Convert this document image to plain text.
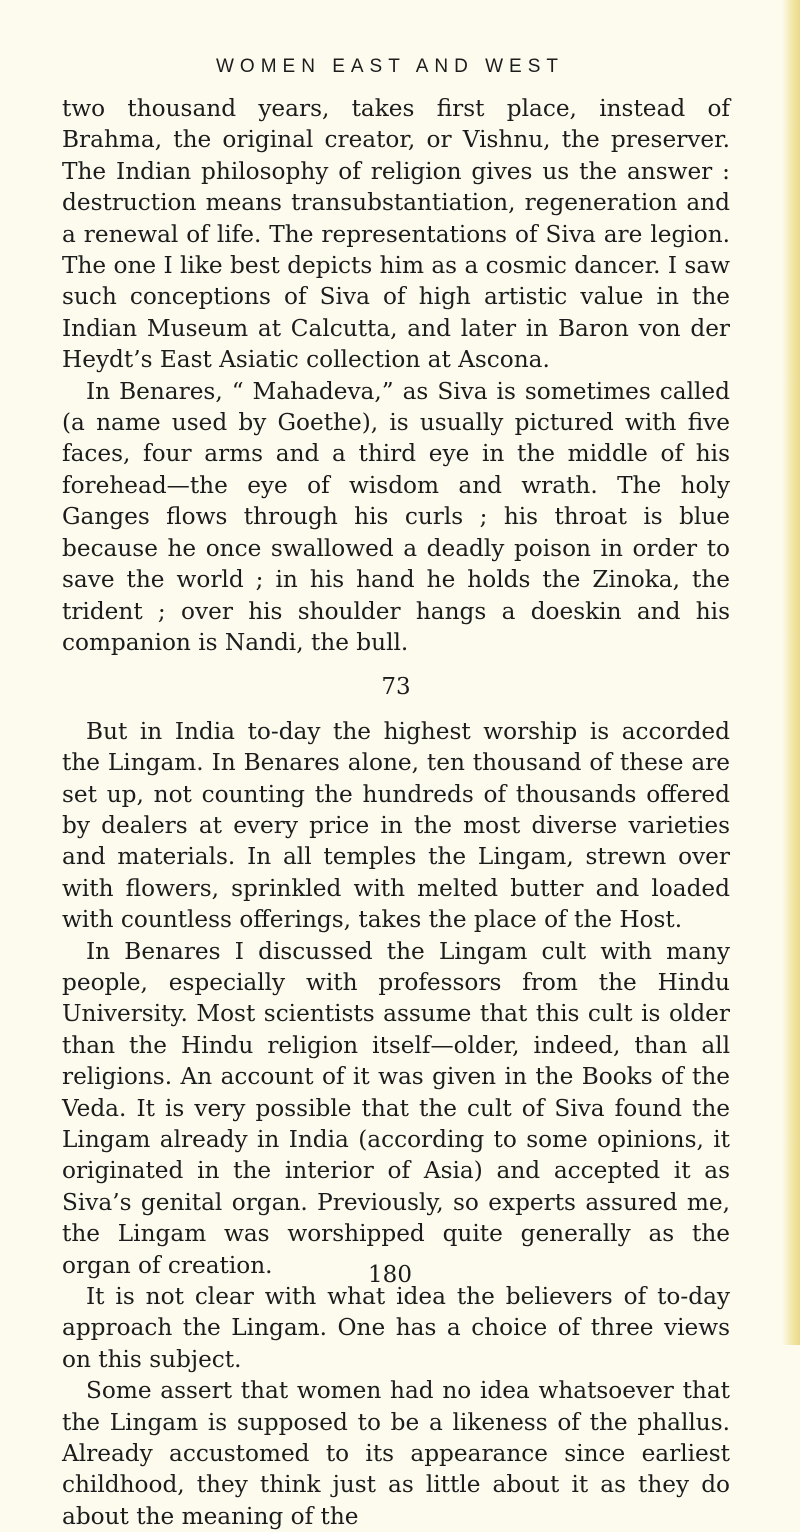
WOMEN EAST AND WEST

two thousand years, takes first place, instead of Brahma, the original creator, or Vishnu, the preserver. The Indian philosophy of religion gives us the answer : destruction means transubstantiation, regeneration and a renewal of life. The representations of Siva are legion. The one I like best depicts him as a cosmic dancer. I saw such conceptions of Siva of high artistic value in the Indian Museum at Calcutta, and later in Baron von der Heydt’s East Asiatic collection at Ascona.

In Benares, “ Mahadeva,” as Siva is sometimes called (a name used by Goethe), is usually pictured with five faces, four arms and a third eye in the middle of his forehead—the eye of wisdom and wrath. The holy Ganges flows through his curls ; his throat is blue because he once swallowed a deadly poison in order to save the world ; in his hand he holds the Zinoka, the trident ; over his shoulder hangs a doeskin and his companion is Nandi, the bull.

73

But in India to-day the highest worship is accorded the Lingam. In Benares alone, ten thousand of these are set up, not counting the hundreds of thousands offered by dealers at every price in the most diverse varieties and materials. In all temples the Lingam, strewn over with flowers, sprinkled with melted butter and loaded with countless offerings, takes the place of the Host.

In Benares I discussed the Lingam cult with many people, especially with professors from the Hindu University. Most scientists assume that this cult is older than the Hindu religion itself—older, indeed, than all religions. An account of it was given in the Books of the Veda. It is very possible that the cult of Siva found the Lingam already in India (according to some opinions, it originated in the interior of Asia) and accepted it as Siva’s genital organ. Previously, so experts assured me, the Lingam was worshipped quite generally as the organ of creation.

It is not clear with what idea the believers of to-day approach the Lingam. One has a choice of three views on this subject.

Some assert that women had no idea whatsoever that the Lingam is supposed to be a likeness of the phallus. Already accustomed to its appearance since earliest childhood, they think just as little about it as they do about the meaning of the

180
